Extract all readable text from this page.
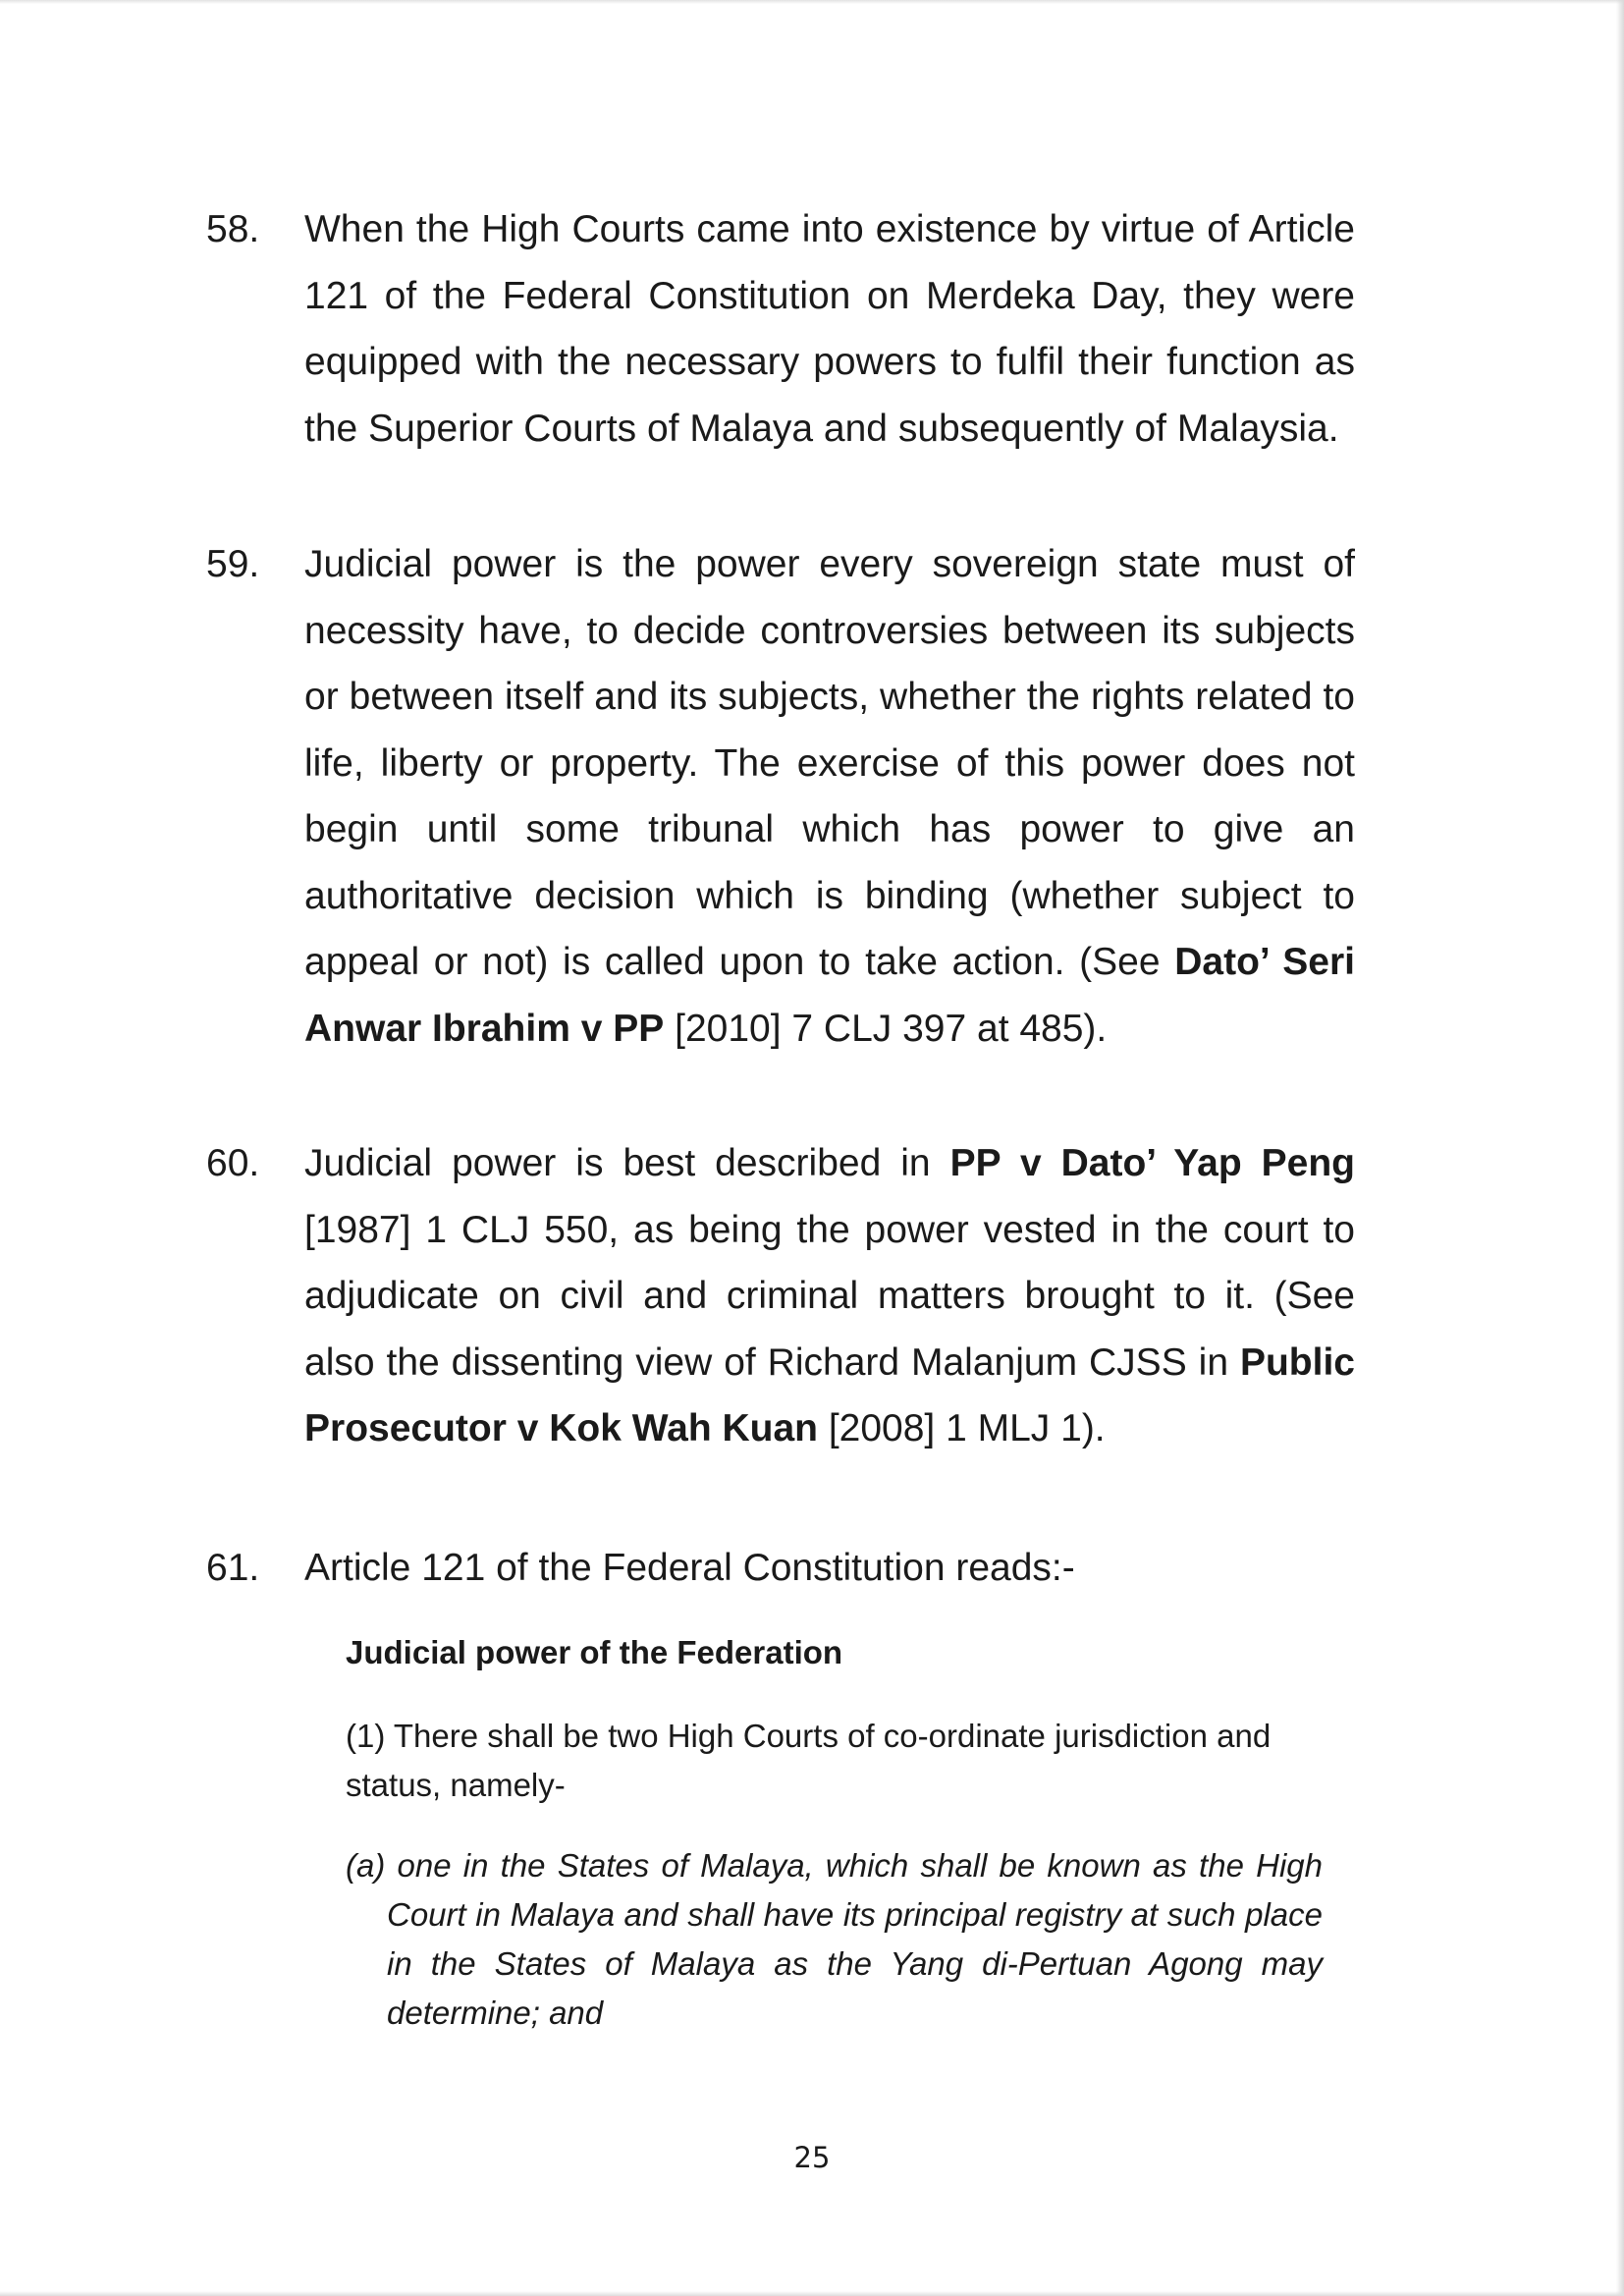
58. When the High Courts came into existence by virtue of Article 121 of the Federal Constitution on Merdeka Day, they were equipped with the necessary powers to fulfil their function as the Superior Courts of Malaya and subsequently of Malaysia.
59. Judicial power is the power every sovereign state must of necessity have, to decide controversies between its subjects or between itself and its subjects, whether the rights related to life, liberty or property. The exercise of this power does not begin until some tribunal which has power to give an authoritative decision which is binding (whether subject to appeal or not) is called upon to take action. (See Dato’ Seri Anwar Ibrahim v PP [2010] 7 CLJ 397 at 485).
60. Judicial power is best described in PP v Dato’ Yap Peng [1987] 1 CLJ 550, as being the power vested in the court to adjudicate on civil and criminal matters brought to it. (See also the dissenting view of Richard Malanjum CJSS in Public Prosecutor v Kok Wah Kuan [2008] 1 MLJ 1).
61. Article 121 of the Federal Constitution reads:-
Judicial power of the Federation
(1) There shall be two High Courts of co-ordinate jurisdiction and status, namely-
(a) one in the States of Malaya, which shall be known as the High Court in Malaya and shall have its principal registry at such place in the States of Malaya as the Yang di-Pertuan Agong may determine; and
25
